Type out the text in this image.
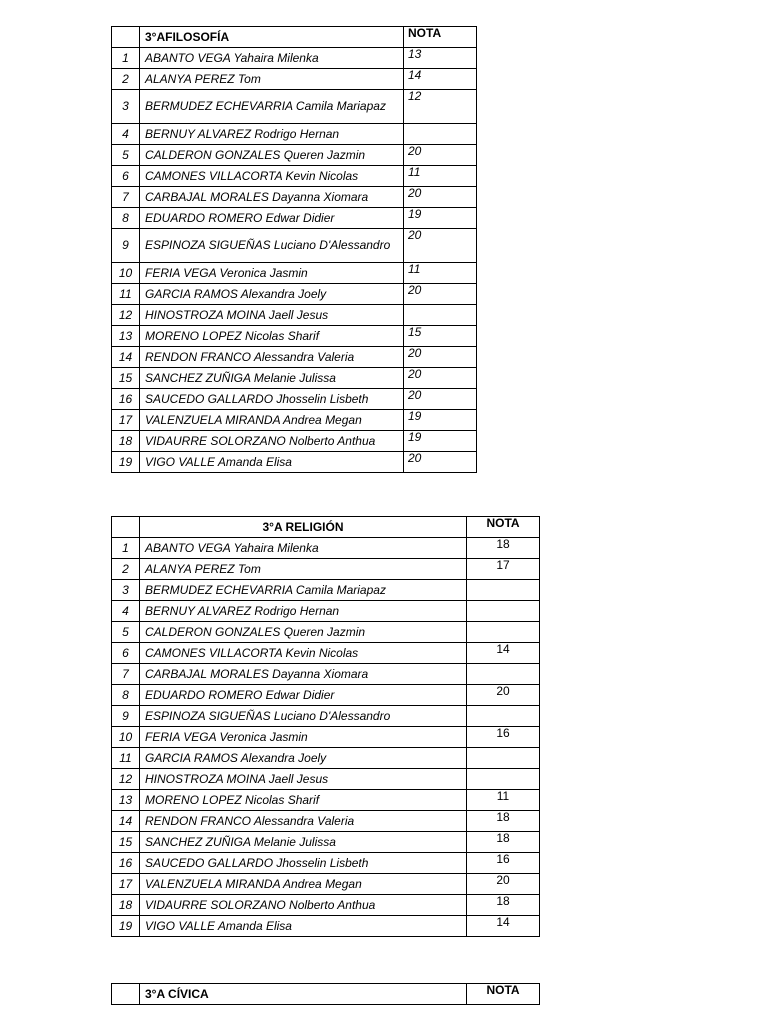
	3°AFILOSOFÍA	NOTA
1	ABANTO VEGA Yahaira Milenka	13
2	ALANYA PEREZ Tom	14
3	BERMUDEZ ECHEVARRIA Camila Mariapaz	12
4	BERNUY ALVAREZ Rodrigo Hernan	
5	CALDERON GONZALES Queren Jazmin	20
6	CAMONES VILLACORTA Kevin Nicolas	11
7	CARBAJAL MORALES Dayanna Xiomara	20
8	EDUARDO ROMERO Edwar Didier	19
9	ESPINOZA SIGUEÑAS Luciano D'Alessandro	20
10	FERIA VEGA Veronica Jasmin	11
11	GARCIA RAMOS Alexandra Joely	20
12	HINOSTROZA MOINA Jaell Jesus	
13	MORENO LOPEZ Nicolas Sharif	15
14	RENDON FRANCO Alessandra Valeria	20
15	SANCHEZ ZUÑIGA Melanie Julissa	20
16	SAUCEDO GALLARDO Jhosselin Lisbeth	20
17	VALENZUELA MIRANDA Andrea Megan	19
18	VIDAURRE SOLORZANO Nolberto Anthua	19
19	VIGO VALLE Amanda Elisa	20
	3°A RELIGIÓN	NOTA
1	ABANTO VEGA Yahaira Milenka	18
2	ALANYA PEREZ Tom	17
3	BERMUDEZ ECHEVARRIA Camila Mariapaz	
4	BERNUY ALVAREZ Rodrigo Hernan	
5	CALDERON GONZALES Queren Jazmin	
6	CAMONES VILLACORTA Kevin Nicolas	14
7	CARBAJAL MORALES Dayanna Xiomara	
8	EDUARDO ROMERO Edwar Didier	20
9	ESPINOZA SIGUEÑAS Luciano D'Alessandro	
10	FERIA VEGA Veronica Jasmin	16
11	GARCIA RAMOS Alexandra Joely	
12	HINOSTROZA MOINA Jaell Jesus	
13	MORENO LOPEZ Nicolas Sharif	11
14	RENDON FRANCO Alessandra Valeria	18
15	SANCHEZ ZUÑIGA Melanie Julissa	18
16	SAUCEDO GALLARDO Jhosselin Lisbeth	16
17	VALENZUELA MIRANDA Andrea Megan	20
18	VIDAURRE SOLORZANO Nolberto Anthua	18
19	VIGO VALLE Amanda Elisa	14
	3°A CÍVICA	NOTA
